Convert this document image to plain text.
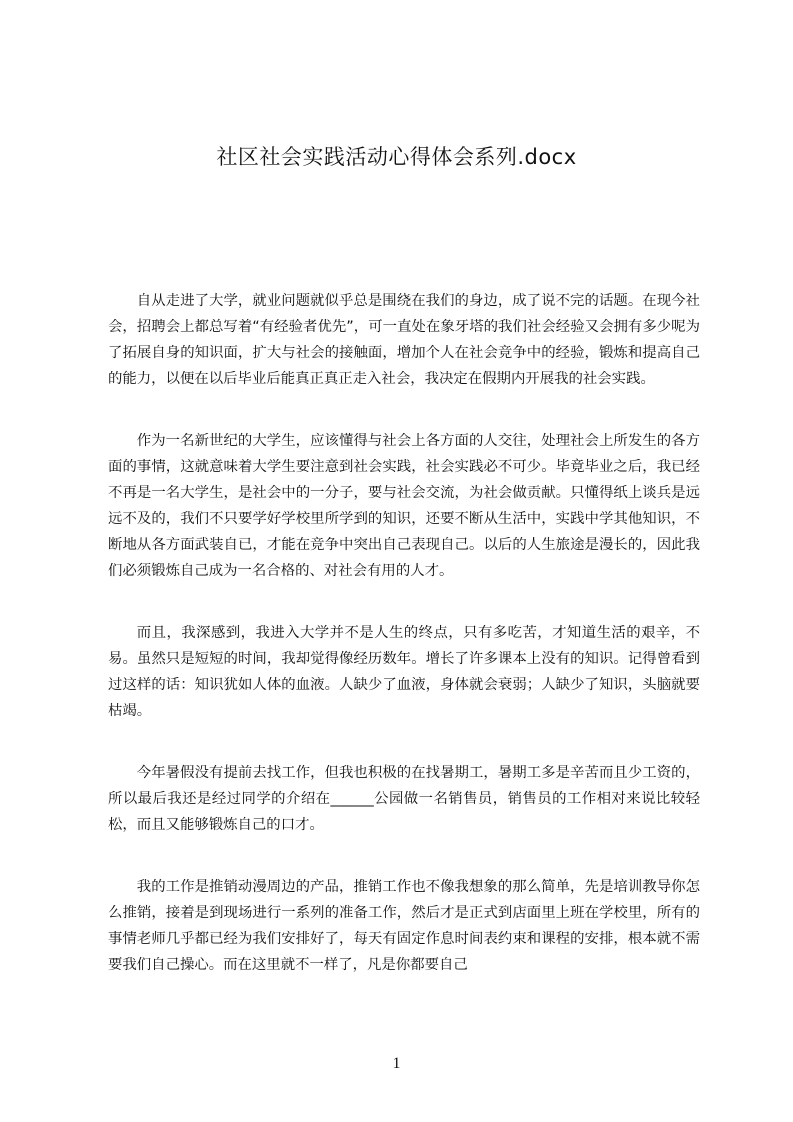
社区社会实践活动心得体会系列.docx

自从走进了大学，就业问题就似乎总是围绕在我们的身边，成了说不完的话题。在现今社会，招聘会上都总写着“有经验者优先”，可一直处在象牙塔的我们社会经验又会拥有多少呢为了拓展自身的知识面，扩大与社会的接触面，增加个人在社会竞争中的经验，锻炼和提高自己的能力，以便在以后毕业后能真正真正走入社会，我决定在假期内开展我的社会实践。

作为一名新世纪的大学生，应该懂得与社会上各方面的人交往，处理社会上所发生的各方面的事情，这就意味着大学生要注意到社会实践，社会实践必不可少。毕竟毕业之后，我已经不再是一名大学生，是社会中的一分子，要与社会交流，为社会做贡献。只懂得纸上谈兵是远远不及的，我们不只要学好学校里所学到的知识，还要不断从生活中，实践中学其他知识，不断地从各方面武装自已，才能在竞争中突出自己表现自己。以后的人生旅途是漫长的，因此我们必须锻炼自己成为一名合格的、对社会有用的人才。

而且，我深感到，我进入大学并不是人生的终点，只有多吃苦，才知道生活的艰辛，不易。虽然只是短短的时间，我却觉得像经历数年。增长了许多课本上没有的知识。记得曾看到过这样的话：知识犹如人体的血液。人缺少了血液，身体就会衰弱；人缺少了知识，头脑就要枯竭。

今年暑假没有提前去找工作，但我也积极的在找暑期工，暑期工多是辛苦而且少工资的，所以最后我还是经过同学的介绍在______公园做一名销售员，销售员的工作相对来说比较轻松，而且又能够锻炼自己的口才。

我的工作是推销动漫周边的产品，推销工作也不像我想象的那么简单，先是培训教导你怎么推销，接着是到现场进行一系列的准备工作，然后才是正式到店面里上班在学校里，所有的事情老师几乎都已经为我们安排好了，每天有固定作息时间表约束和课程的安排，根本就不需要我们自己操心。而在这里就不一样了，凡是你都要自己

1
